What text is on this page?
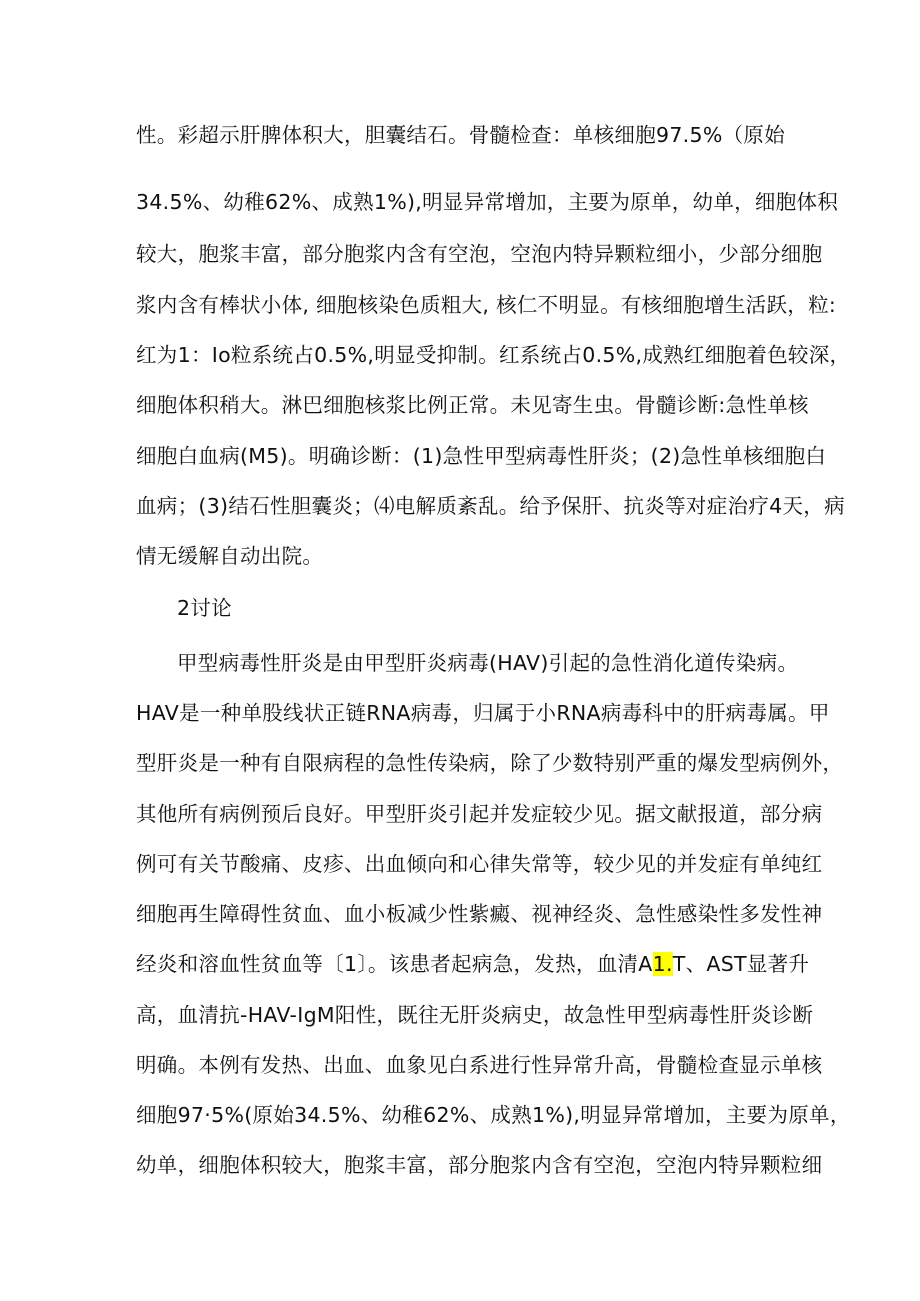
性。彩超示肝脾体积大，胆囊结石。骨髓检查：单核细胞97.5%（原始

34.5%、幼稚62%、成熟1%),明显异常增加，主要为原单，幼单，细胞体积

较大，胞浆丰富，部分胞浆内含有空泡，空泡内特异颗粒细小，少部分细胞

浆内含有棒状小体, 细胞核染色质粗大, 核仁不明显。有核细胞增生活跃，粒:

红为1：Io粒系统占0.5%,明显受抑制。红系统占0.5%,成熟红细胞着色较深，

细胞体积稍大。淋巴细胞核浆比例正常。未见寄生虫。骨髓诊断:急性单核

细胞白血病(M5)。明确诊断：(1)急性甲型病毒性肝炎；(2)急性单核细胞白

血病；(3)结石性胆囊炎；⑷电解质紊乱。给予保肝、抗炎等对症治疗4天，病

情无缓解自动出院。

2讨论

甲型病毒性肝炎是由甲型肝炎病毒(HAV)引起的急性消化道传染病。

HAV是一种单股线状正链RNA病毒，归属于小RNA病毒科中的肝病毒属。甲

型肝炎是一种有自限病程的急性传染病，除了少数特别严重的爆发型病例外，

其他所有病例预后良好。甲型肝炎引起并发症较少见。据文献报道，部分病

例可有关节酸痛、皮疹、出血倾向和心律失常等，较少见的并发症有单纯红

细胞再生障碍性贫血、血小板减少性紫癜、视神经炎、急性感染性多发性神

经炎和溶血性贫血等〔1〕。该患者起病急，发热，血清A1.T、AST显著升

高，血清抗-HAV-IgM阳性，既往无肝炎病史，故急性甲型病毒性肝炎诊断

明确。本例有发热、出血、血象见白系进行性异常升高，骨髓检查显示单核

细胞97·5%(原始34.5%、幼稚62%、成熟1%),明显异常增加，主要为原单，

幼单，细胞体积较大，胞浆丰富，部分胞浆内含有空泡，空泡内特异颗粒细
